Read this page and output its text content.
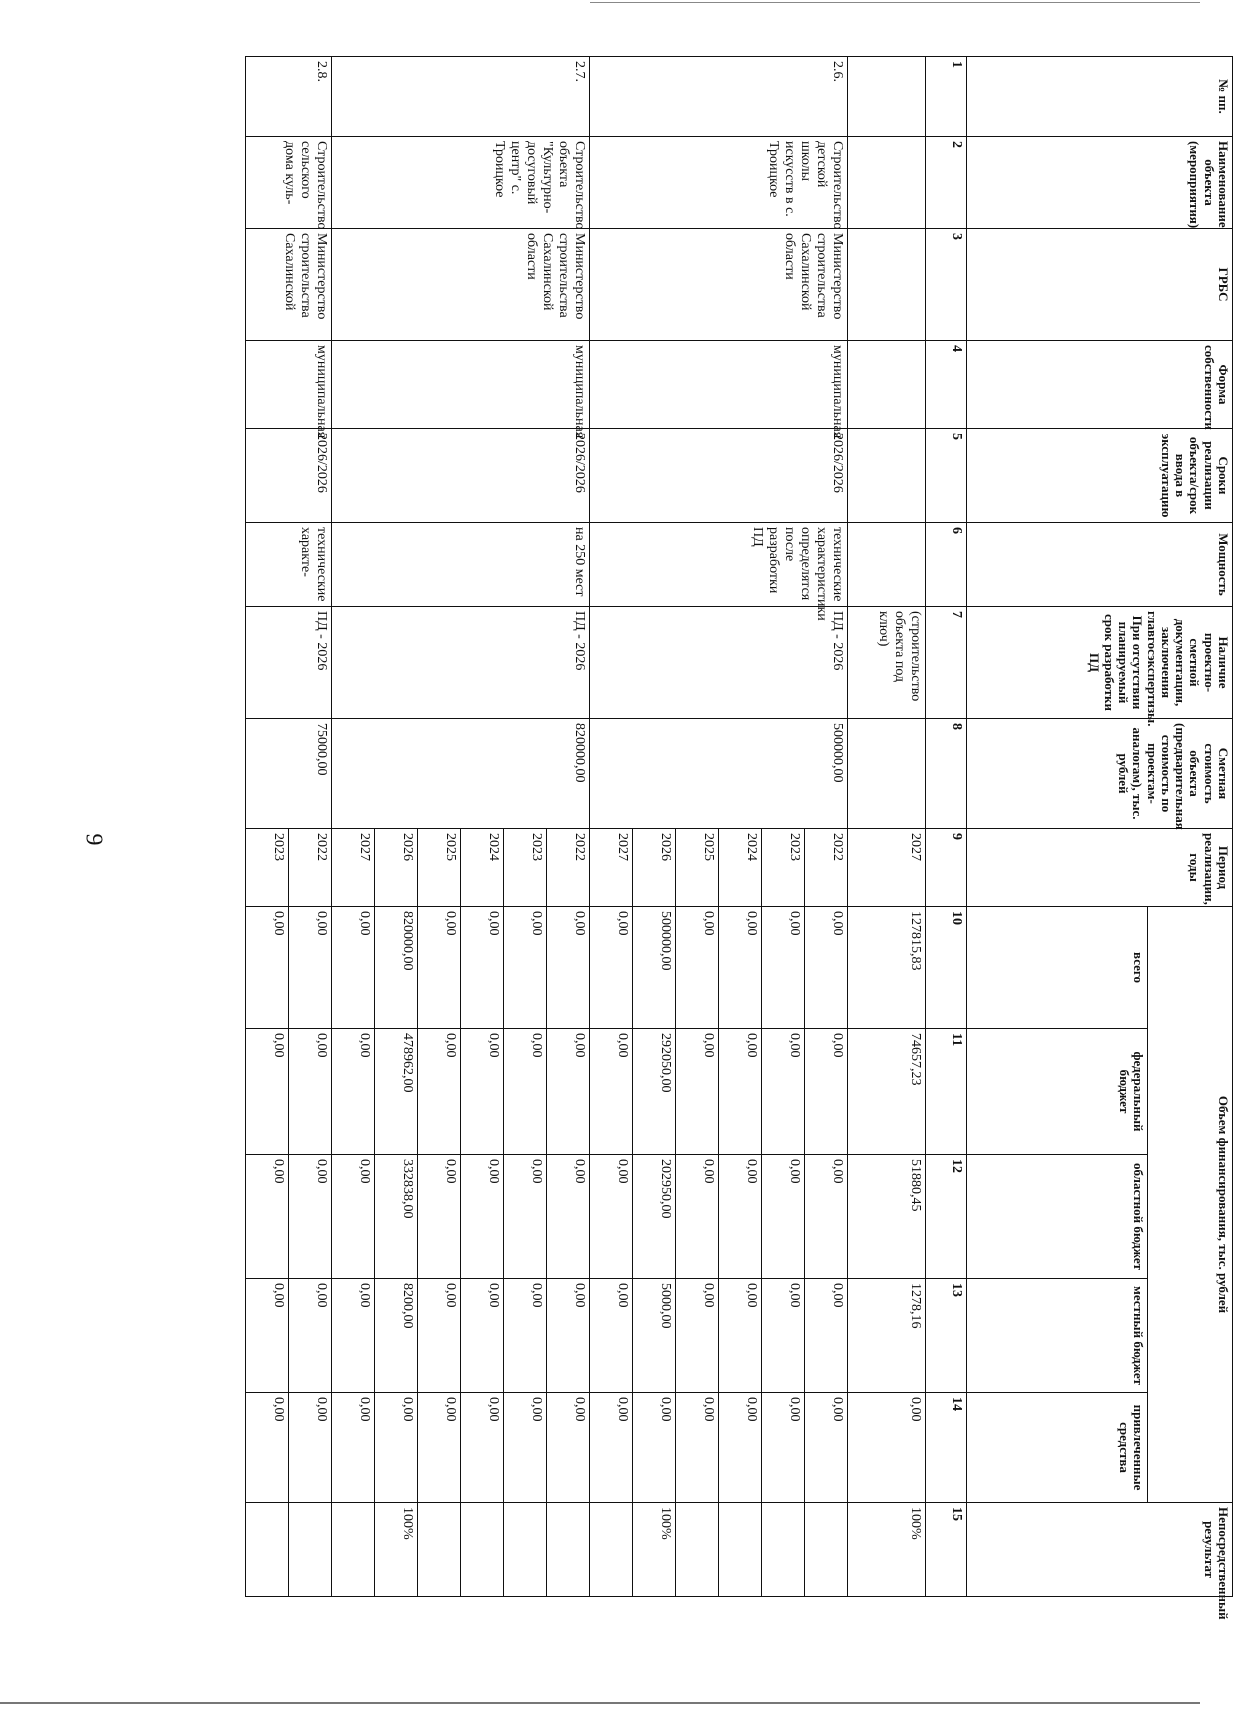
9
№ пп.	Наименование объекта (мероприятия)	ГРБС	Форма собственности	Сроки реализации объекта/срок ввода в эксплуатацию	Мощность	Наличие проектно-сметной документации, заключения главгосэкспертизы. При отсутствии планируемый срок разработки ПД	Сметная стоимость объекта (предварительная стоимость по проектам-аналогам), тыс. рублей	Период реализации, годы	Объем финансирования, тыс. рублей					Непосредственный результат
									всего	федеральный бюджет	областной бюджет	местный бюджет	привлеченные средства	
1	2	3	4	5	6	7	8	9	10	11	12	13	14	15
						(строительство объекта под ключ)		2027	127815,83	74657,23	51880,45	1278,16	0,00	100%
2.6.	Строительство детской школы искусств в с. Троицкое	Министерство строительства Сахалинской области	муниципальная	2026/2026	технические характеристики определятся после разработки ПД	ПД - 2026	500000,00	2022	0,00	0,00	0,00	0,00	0,00	
								2023	0,00	0,00	0,00	0,00	0,00	
								2024	0,00	0,00	0,00	0,00	0,00	
								2025	0,00	0,00	0,00	0,00	0,00	
								2026	500000,00	292050,00	202950,00	5000,00	0,00	100%
								2027	0,00	0,00	0,00	0,00	0,00	
2.7.	Строительство объекта "Культурно-досуговый центр" с. Троицкое	Министерство строительства Сахалинской области	муниципальная	2026/2026	на 250 мест	ПД - 2026	820000,00	2022	0,00	0,00	0,00	0,00	0,00	
								2023	0,00	0,00	0,00	0,00	0,00	
								2024	0,00	0,00	0,00	0,00	0,00	
								2025	0,00	0,00	0,00	0,00	0,00	
								2026	820000,00	478962,00	332838,00	8200,00	0,00	100%
								2027	0,00	0,00	0,00	0,00	0,00	
2.8.	Строительство сельского дома куль-	Министерство строительства Сахалинской	муниципальная	2026/2026	технические характе-	ПД - 2026	75000,00	2022	0,00	0,00	0,00	0,00	0,00	
								2023	0,00	0,00	0,00	0,00	0,00	
